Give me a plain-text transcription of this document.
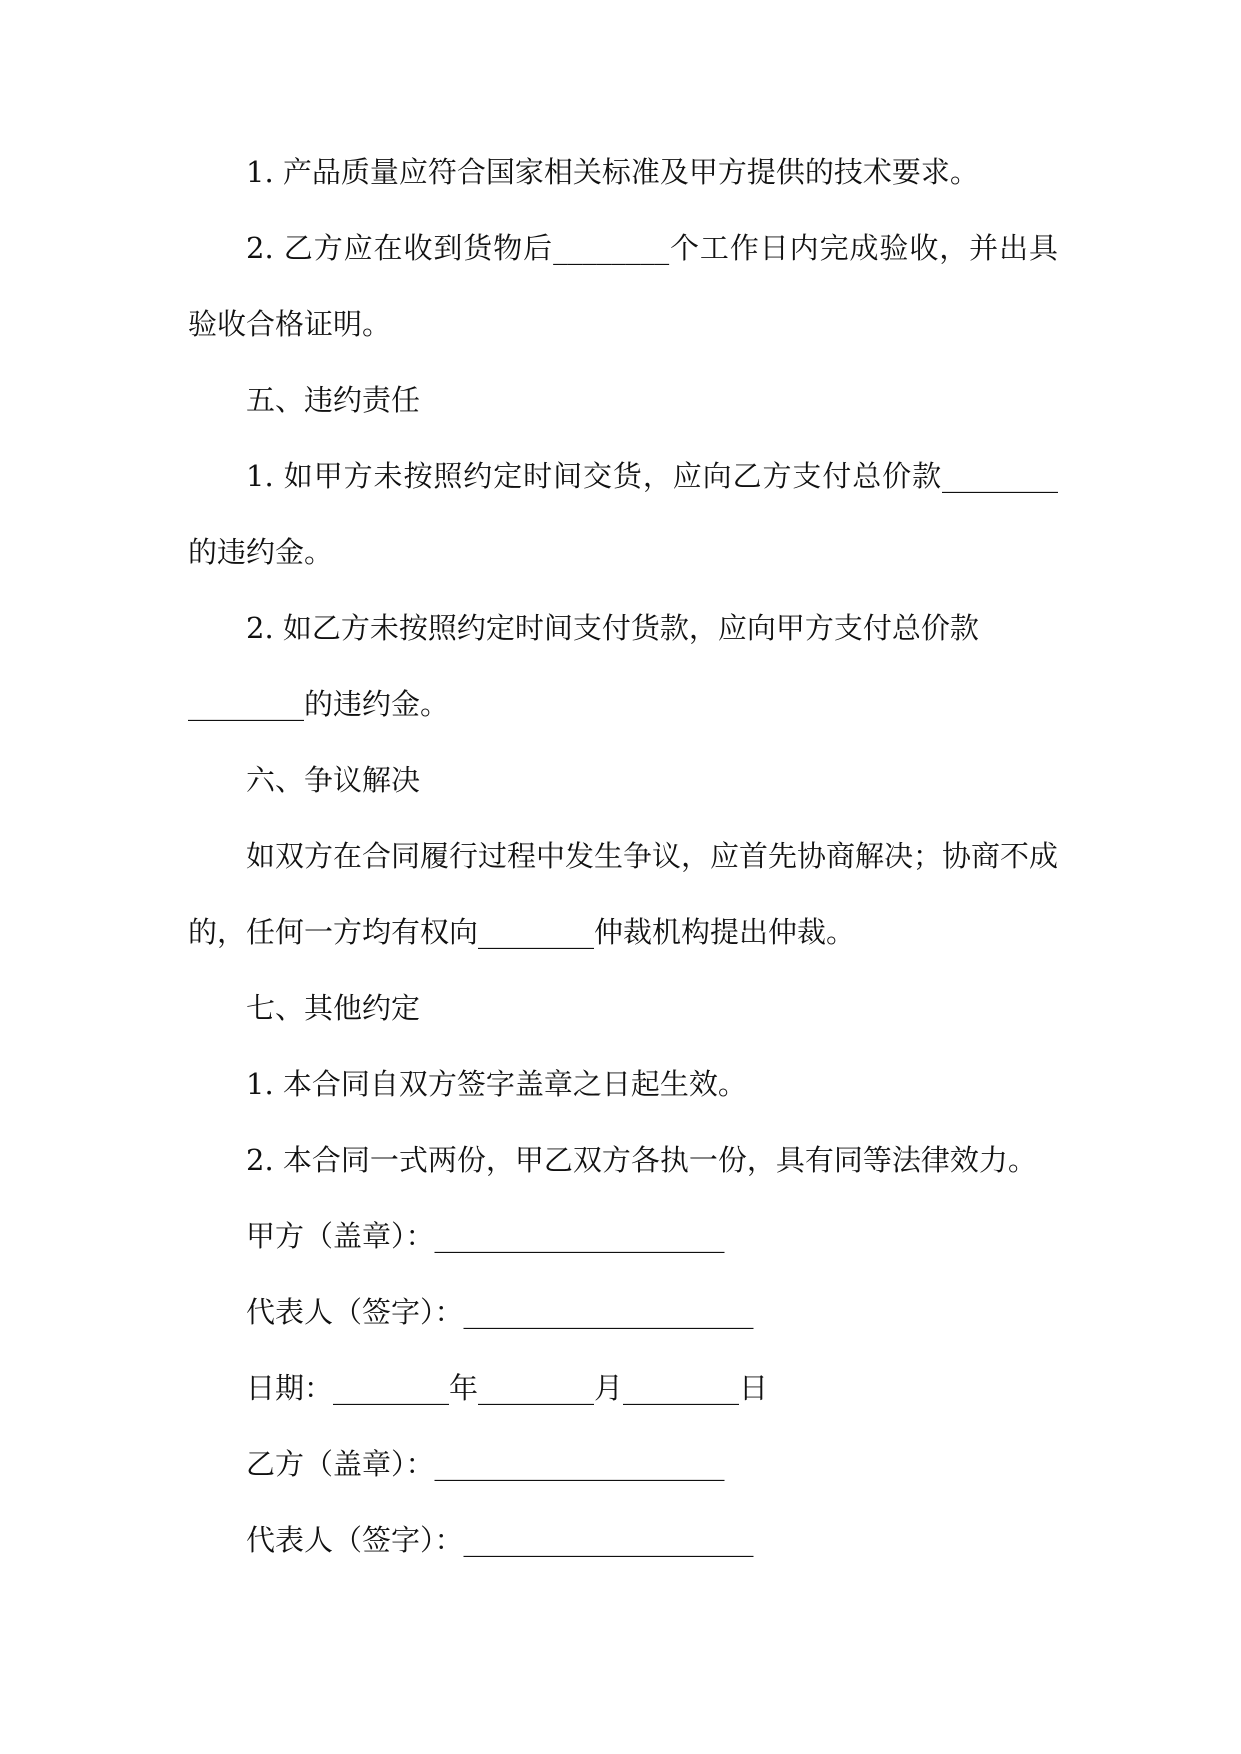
1. 产品质量应符合国家相关标准及甲方提供的技术要求。

2. 乙方应在收到货物后________个工作日内完成验收，并出具

验收合格证明。

五、违约责任

1. 如甲方未按照约定时间交货，应向乙方支付总价款________

的违约金。

2. 如乙方未按照约定时间支付货款，应向甲方支付总价款

________的违约金。

六、争议解决

如双方在合同履行过程中发生争议，应首先协商解决；协商不成

的，任何一方均有权向________仲裁机构提出仲裁。

七、其他约定

1. 本合同自双方签字盖章之日起生效。

2. 本合同一式两份，甲乙双方各执一份，具有同等法律效力。

甲方（盖章）：____________________

代表人（签字）：____________________

日期：________年________月________日

乙方（盖章）：____________________

代表人（签字）：____________________
